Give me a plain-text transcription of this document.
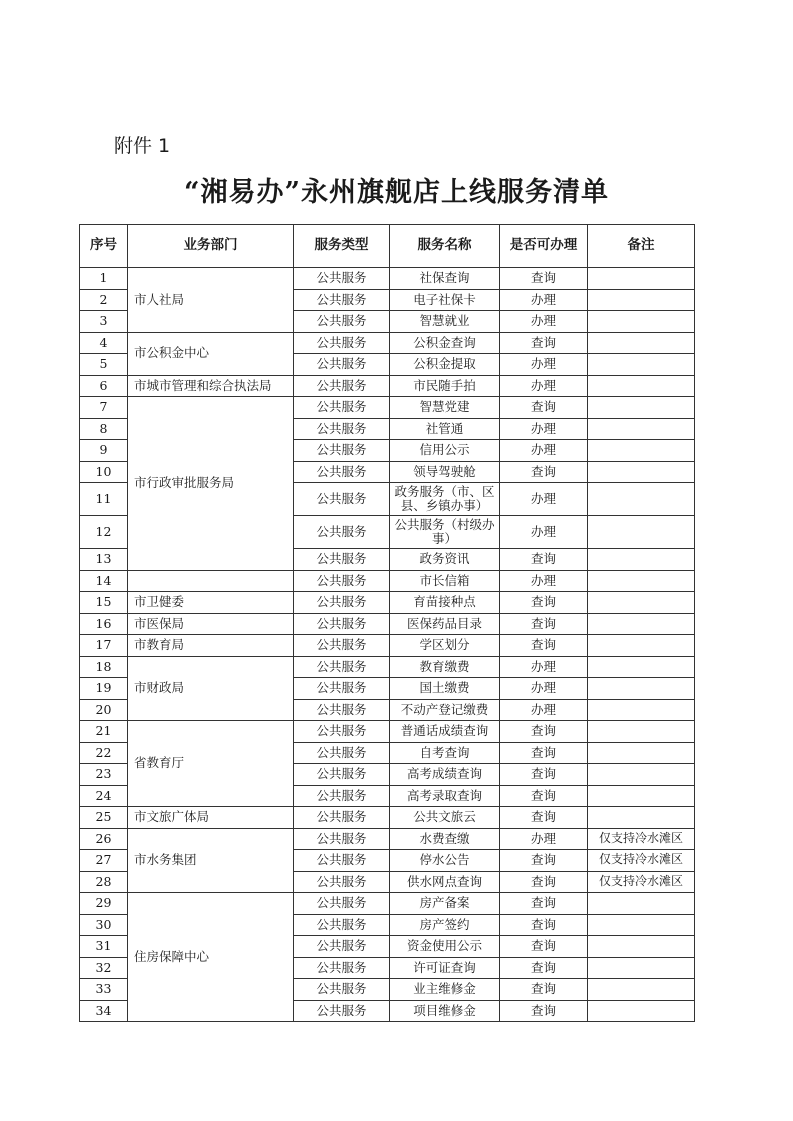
附件 1
“湘易办”永州旗舰店上线服务清单
序号	业务部门	服务类型	服务名称	是否可办理	备注
1	市人社局	公共服务	社保查询	查询	
2		公共服务	电子社保卡	办理	
3		公共服务	智慧就业	办理	
4	市公积金中心	公共服务	公积金查询	查询	
5		公共服务	公积金提取	办理	
6	市城市管理和综合执法局	公共服务	市民随手拍	办理	
7	市行政审批服务局	公共服务	智慧党建	查询	
8		公共服务	社管通	办理	
9		公共服务	信用公示	办理	
10		公共服务	领导驾驶舱	查询	
11		公共服务	政务服务（市、区县、乡镇办事）	办理	
12		公共服务	公共服务（村级办事）	办理	
13		公共服务	政务资讯	查询	
14		公共服务	市长信箱	办理	
15	市卫健委	公共服务	育苗接种点	查询	
16	市医保局	公共服务	医保药品目录	查询	
17	市教育局	公共服务	学区划分	查询	
18	市财政局	公共服务	教育缴费	办理	
19		公共服务	国土缴费	办理	
20		公共服务	不动产登记缴费	办理	
21	省教育厅	公共服务	普通话成绩查询	查询	
22		公共服务	自考查询	查询	
23		公共服务	高考成绩查询	查询	
24		公共服务	高考录取查询	查询	
25	市文旅广体局	公共服务	公共文旅云	查询	
26	市水务集团	公共服务	水费查缴	办理	仅支持冷水滩区
27		公共服务	停水公告	查询	仅支持冷水滩区
28		公共服务	供水网点查询	查询	仅支持冷水滩区
29	住房保障中心	公共服务	房产备案	查询	
30		公共服务	房产签约	查询	
31		公共服务	资金使用公示	查询	
32		公共服务	许可证查询	查询	
33		公共服务	业主维修金	查询	
34		公共服务	项目维修金	查询	
